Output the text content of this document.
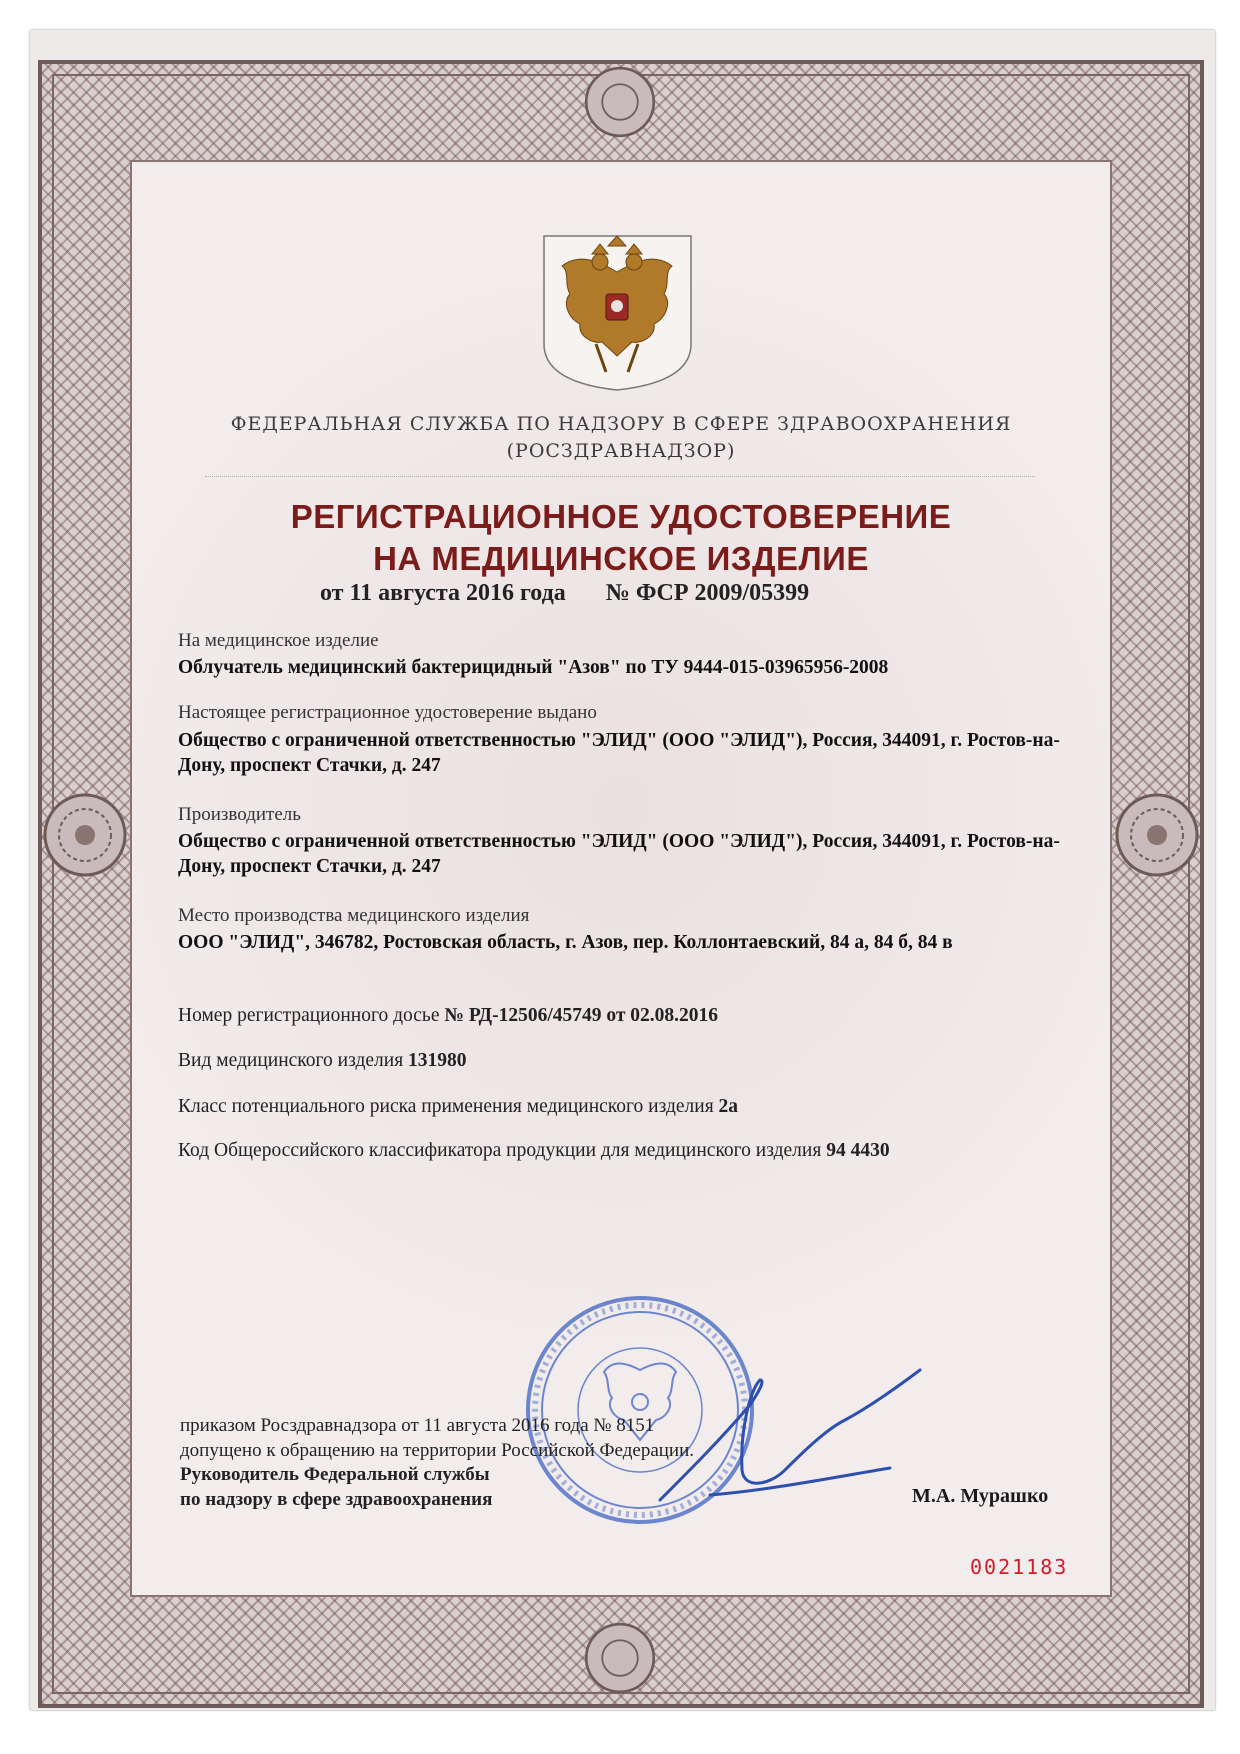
ФЕДЕРАЛЬНАЯ СЛУЖБА ПО НАДЗОРУ В СФЕРЕ ЗДРАВООХРАНЕНИЯ
(РОСЗДРАВНАДЗОР)
РЕГИСТРАЦИОННОЕ УДОСТОВЕРЕНИЕ
НА МЕДИЦИНСКОЕ ИЗДЕЛИЕ
от 11 августа 2016 года № ФСР 2009/05399
На медицинское изделие
Облучатель медицинский бактерицидный "Азов" по ТУ 9444-015-03965956-2008
Настоящее регистрационное удостоверение выдано
Общество с ограниченной ответственностью "ЭЛИД" (ООО "ЭЛИД"), Россия, 344091, г. Ростов-на-Дону, проспект Стачки, д. 247
Производитель
Общество с ограниченной ответственностью "ЭЛИД" (ООО "ЭЛИД"), Россия, 344091, г. Ростов-на-Дону, проспект Стачки, д. 247
Место производства медицинского изделия
ООО "ЭЛИД", 346782, Ростовская область, г. Азов, пер. Коллонтаевский, 84 а, 84 б, 84 в
Номер регистрационного досье № РД-12506/45749 от 02.08.2016
Вид медицинского изделия 131980
Класс потенциального риска применения медицинского изделия 2а
Код Общероссийского классификатора продукции для медицинского изделия 94 4430
приказом Росздравнадзора от 11 августа 2016 года № 8151
допущено к обращению на территории Российской Федерации.
Руководитель Федеральной службы
по надзору в сфере здравоохранения	М.А. Мурашко
0021183
